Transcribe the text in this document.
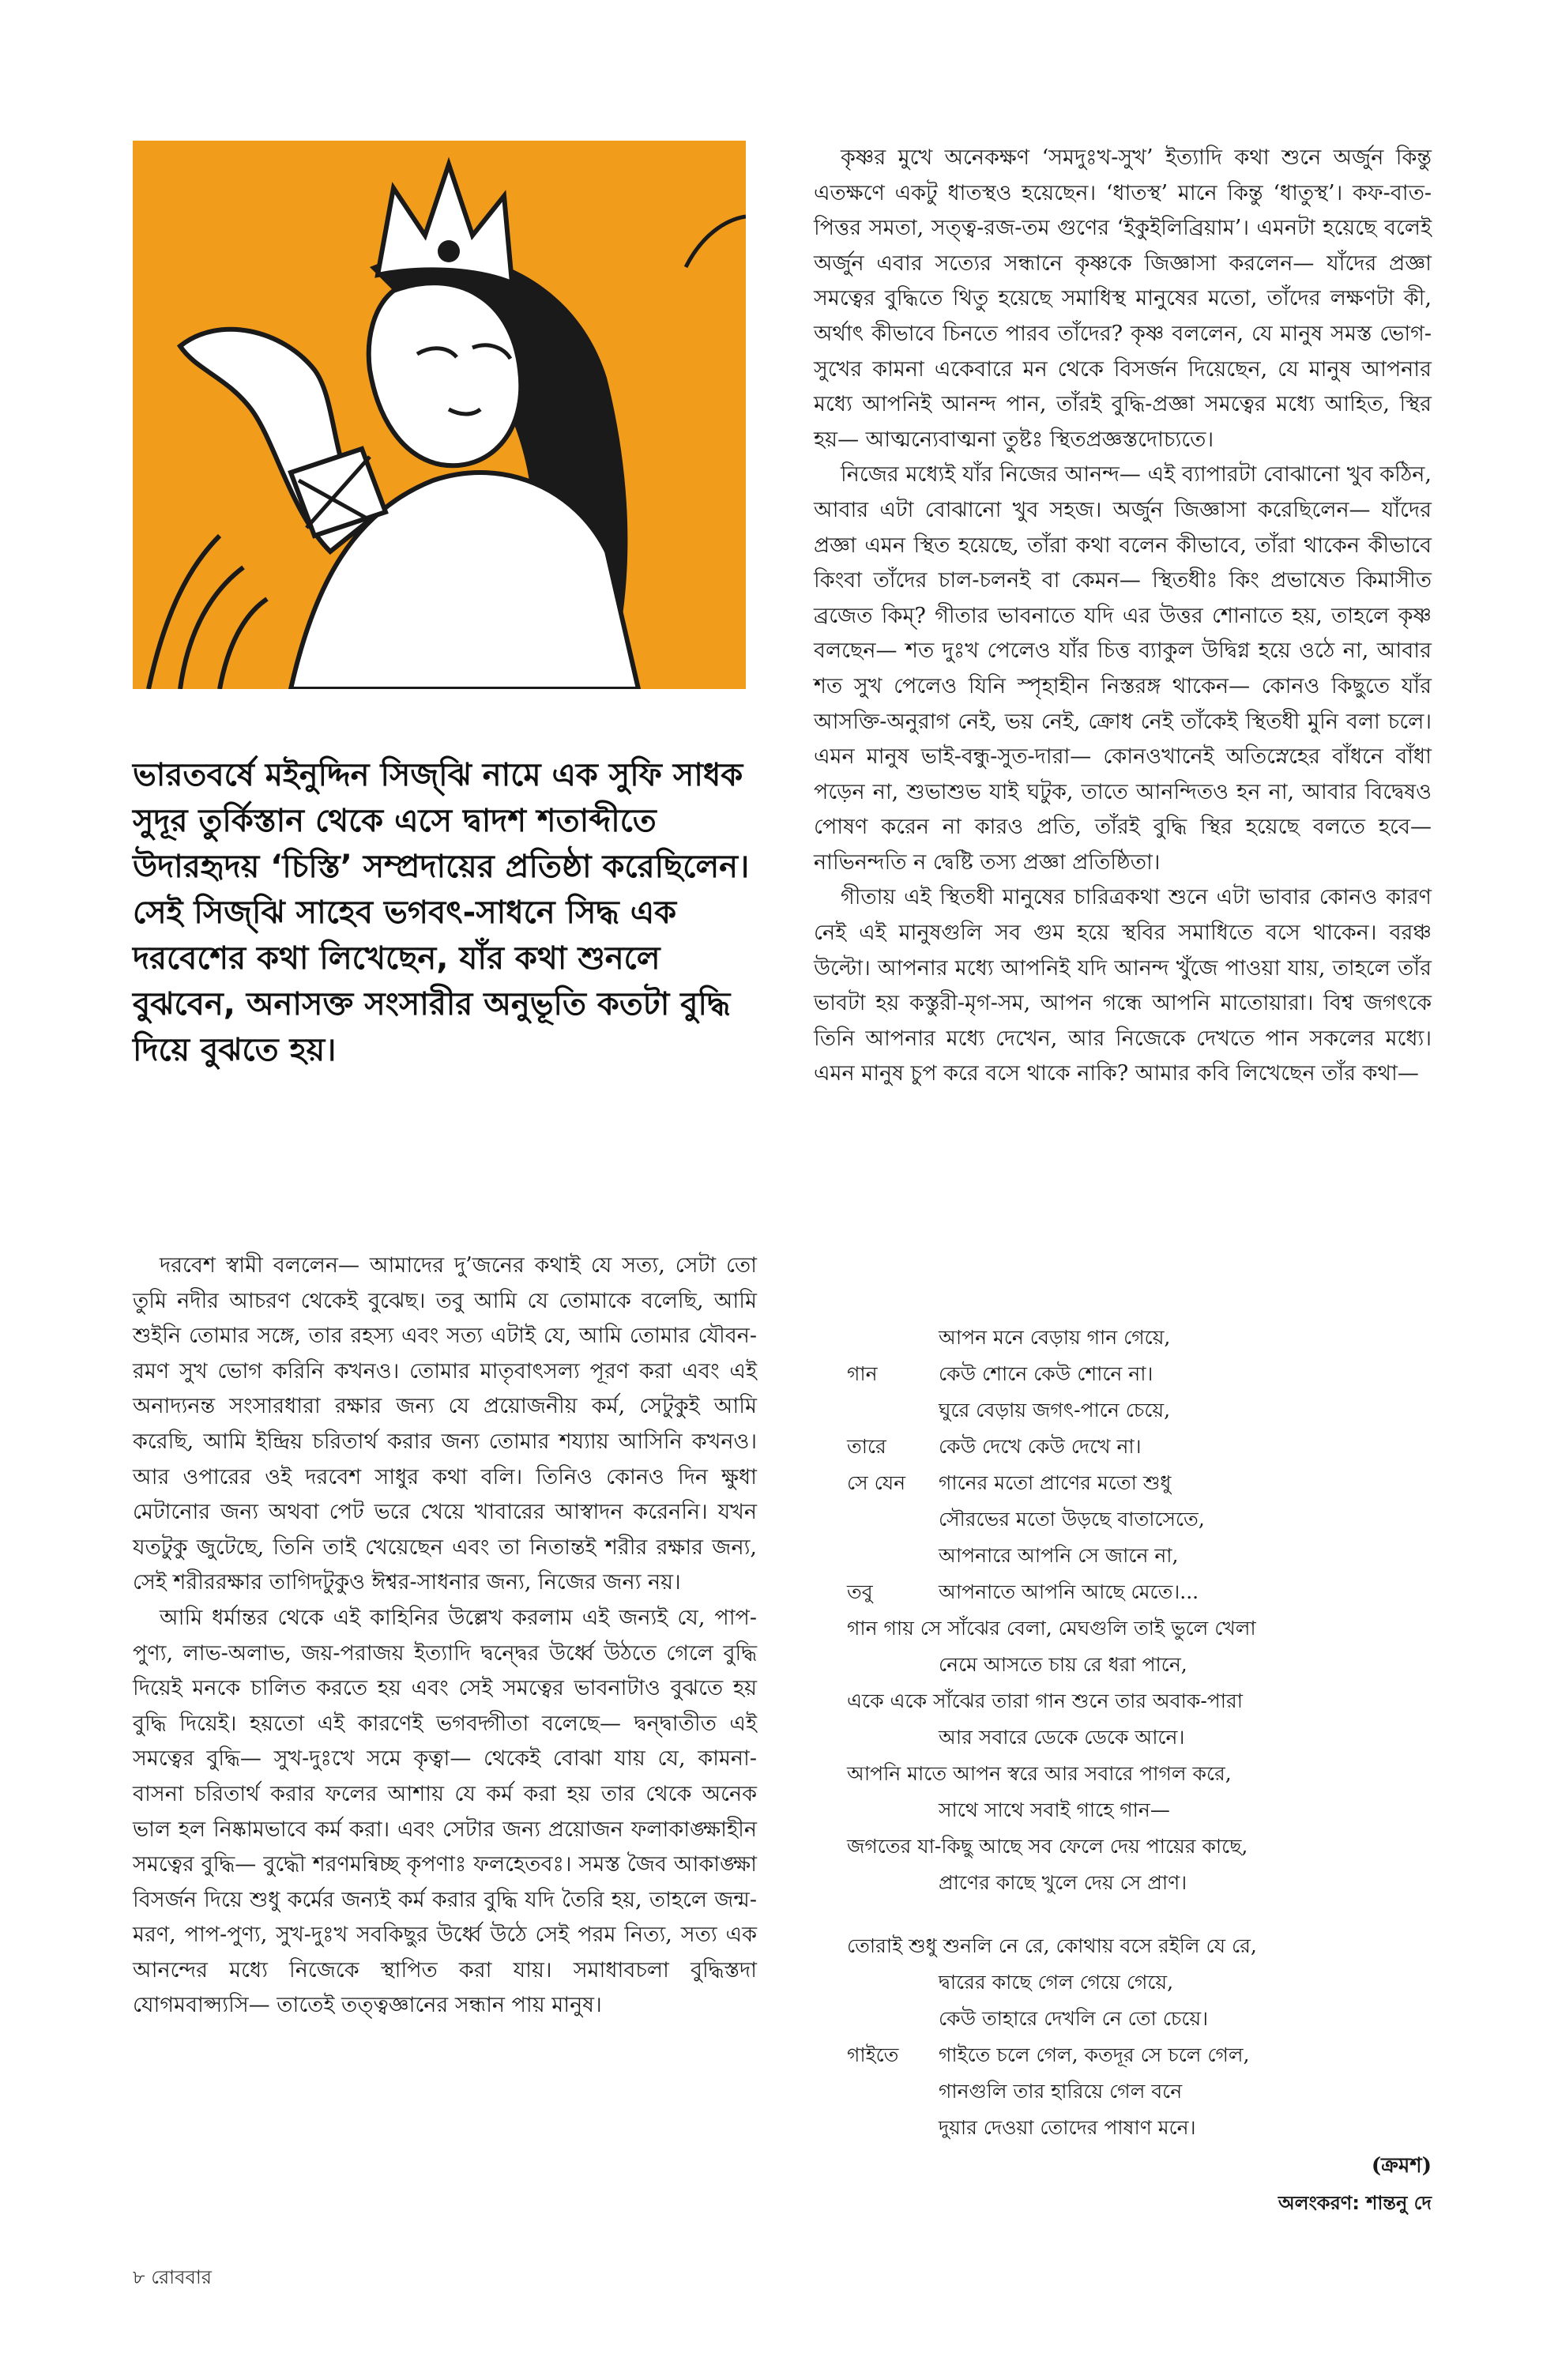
ভারতবর্ষে মইনুদ্দিন সিজ্‌ঝি নামে এক সুফি সাধক সুদূর তুর্কিস্তান থেকে এসে দ্বাদশ শতাব্দীতে উদারহৃদয় ‘চিস্তি’ সম্প্রদায়ের প্রতিষ্ঠা করেছিলেন। সেই সিজ্‌ঝি সাহেব ভগবৎ-সাধনে সিদ্ধ এক দরবেশের কথা লিখেছেন, যাঁর কথা শুনলে বুঝবেন, অনাসক্ত সংসারীর অনুভূতি কতটা বুদ্ধি দিয়ে বুঝতে হয়।

দরবেশ স্বামী বললেন— আমাদের দু’জনের কথাই যে সত্য, সেটা তো তুমি নদীর আচরণ থেকেই বুঝেছ। তবু আমি যে তোমাকে বলেছি, আমি শুইনি তোমার সঙ্গে, তার রহস্য এবং সত্য এটাই যে, আমি তোমার যৌবন-রমণ সুখ ভোগ করিনি কখনও। তোমার মাতৃবাৎসল্য পূরণ করা এবং এই অনাদ্যনন্ত সংসারধারা রক্ষার জন্য যে প্রয়োজনীয় কর্ম, সেটুকুই আমি করেছি, আমি ইন্দ্রিয় চরিতার্থ করার জন্য তোমার শয্যায় আসিনি কখনও। আর ওপারের ওই দরবেশ সাধুর কথা বলি। তিনিও কোনও দিন ক্ষুধা মেটানোর জন্য অথবা পেট ভরে খেয়ে খাবারের আস্বাদন করেননি। যখন যতটুকু জুটেছে, তিনি তাই খেয়েছেন এবং তা নিতান্তই শরীর রক্ষার জন্য, সেই শরীররক্ষার তাগিদটুকুও ঈশ্বর-সাধনার জন্য, নিজের জন্য নয়।

আমি ধর্মান্তর থেকে এই কাহিনির উল্লেখ করলাম এই জন্যই যে, পাপ-পুণ্য, লাভ-অলাভ, জয়-পরাজয় ইত্যাদি দ্বন্দ্বের উর্ধ্বে উঠতে গেলে বুদ্ধি দিয়েই মনকে চালিত করতে হয় এবং সেই সমত্বের ভাবনাটাও বুঝতে হয় বুদ্ধি দিয়েই। হয়তো এই কারণেই ভগবদ্গীতা বলেছে— দ্বন্দ্বাতীত এই সমত্বের বুদ্ধি— সুখ-দুঃখে সমে কৃত্বা— থেকেই বোঝা যায় যে, কামনা-বাসনা চরিতার্থ করার ফলের আশায় যে কর্ম করা হয় তার থেকে অনেক ভাল হল নিষ্কামভাবে কর্ম করা। এবং সেটার জন্য প্রয়োজন ফলাকাঙ্ক্ষাহীন সমত্বের বুদ্ধি— বুদ্ধৌ শরণমন্বিচ্ছ কৃপণাঃ ফলহেতবঃ। সমস্ত জৈব আকাঙ্ক্ষা বিসর্জন দিয়ে শুধু কর্মের জন্যই কর্ম করার বুদ্ধি যদি তৈরি হয়, তাহলে জন্ম-মরণ, পাপ-পুণ্য, সুখ-দুঃখ সবকিছুর উর্ধ্বে উঠে সেই পরম নিত্য, সত্য এক আনন্দের মধ্যে নিজেকে স্থাপিত করা যায়। সমাধাবচলা বুদ্ধিস্তদা যোগমবাপ্স্যসি— তাতেই তত্ত্বজ্ঞানের সন্ধান পায় মানুষ।

কৃষ্ণর মুখে অনেকক্ষণ ‘সমদুঃখ-সুখ’ ইত্যাদি কথা শুনে অর্জুন কিন্তু এতক্ষণে একটু ধাতস্থও হয়েছেন। ‘ধাতস্থ’ মানে কিন্তু ‘ধাতুস্থ’। কফ-বাত-পিত্তর সমতা, সত্ত্ব-রজ-তম গুণের ‘ইকুইলিব্রিয়াম’। এমনটা হয়েছে বলেই অর্জুন এবার সত্যের সন্ধানে কৃষ্ণকে জিজ্ঞাসা করলেন— যাঁদের প্রজ্ঞা সমত্বের বুদ্ধিতে থিতু হয়েছে সমাধিস্থ মানুষের মতো, তাঁদের লক্ষণটা কী, অর্থাৎ কীভাবে চিনতে পারব তাঁদের? কৃষ্ণ বললেন, যে মানুষ সমস্ত ভোগ-সুখের কামনা একেবারে মন থেকে বিসর্জন দিয়েছেন, যে মানুষ আপনার মধ্যে আপনিই আনন্দ পান, তাঁরই বুদ্ধি-প্রজ্ঞা সমত্বের মধ্যে আহিত, স্থির হয়— আত্মন্যেবাত্মনা তুষ্টঃ স্থিতপ্রজ্ঞস্তদোচ্যতে।

নিজের মধ্যেই যাঁর নিজের আনন্দ— এই ব্যাপারটা বোঝানো খুব কঠিন, আবার এটা বোঝানো খুব সহজ। অর্জুন জিজ্ঞাসা করেছিলেন— যাঁদের প্রজ্ঞা এমন স্থিত হয়েছে, তাঁরা কথা বলেন কীভাবে, তাঁরা থাকেন কীভাবে কিংবা তাঁদের চাল-চলনই বা কেমন— স্থিতধীঃ কিং প্রভাষেত কিমাসীত ব্রজেত কিম্? গীতার ভাবনাতে যদি এর উত্তর শোনাতে হয়, তাহলে কৃষ্ণ বলছেন— শত দুঃখ পেলেও যাঁর চিত্ত ব্যাকুল উদ্বিগ্ন হয়ে ওঠে না, আবার শত সুখ পেলেও যিনি স্পৃহাহীন নিস্তরঙ্গ থাকেন— কোনও কিছুতে যাঁর আসক্তি-অনুরাগ নেই, ভয় নেই, ক্রোধ নেই তাঁকেই স্থিতধী মুনি বলা চলে। এমন মানুষ ভাই-বন্ধু-সুত-দারা— কোনওখানেই অতিস্নেহের বাঁধনে বাঁধা পড়েন না, শুভাশুভ যাই ঘটুক, তাতে আনন্দিতও হন না, আবার বিদ্বেষও পোষণ করেন না কারও প্রতি, তাঁরই বুদ্ধি স্থির হয়েছে বলতে হবে— নাভিনন্দতি ন দ্বেষ্টি তস্য প্রজ্ঞা প্রতিষ্ঠিতা।

গীতায় এই স্থিতধী মানুষের চারিত্রকথা শুনে এটা ভাবার কোনও কারণ নেই এই মানুষগুলি সব গুম হয়ে স্থবির সমাধিতে বসে থাকেন। বরঞ্চ উল্টো। আপনার মধ্যে আপনিই যদি আনন্দ খুঁজে পাওয়া যায়, তাহলে তাঁর ভাবটা হয় কস্তুরী-মৃগ-সম, আপন গন্ধে আপনি মাতোয়ারা। বিশ্ব জগৎকে তিনি আপনার মধ্যে দেখেন, আর নিজেকে দেখতে পান সকলের মধ্যে। এমন মানুষ চুপ করে বসে থাকে নাকি? আমার কবি লিখেছেন তাঁর কথা—

আপন মনে বেড়ায় গান গেয়ে,
গান	কেউ শোনে কেউ শোনে না।
ঘুরে বেড়ায় জগৎ-পানে চেয়ে,
তারে	কেউ দেখে কেউ দেখে না।
সে যেন	গানের মতো প্রাণের মতো শুধু
সৌরভের মতো উড়ছে বাতাসেতে,
আপনারে আপনি সে জানে না,
তবু	আপনাতে আপনি আছে মেতে।...
গান গায় সে সাঁঝের বেলা, মেঘগুলি তাই ভুলে খেলা
নেমে আসতে চায় রে ধরা পানে,
একে একে সাঁঝের তারা গান শুনে তার অবাক-পারা
আর সবারে ডেকে ডেকে আনে।
আপনি মাতে আপন স্বরে আর সবারে পাগল করে,
সাথে সাথে সবাই গাহে গান—
জগতের যা-কিছু আছে সব ফেলে দেয় পায়ের কাছে,
প্রাণের কাছে খুলে দেয় সে প্রাণ।
তোরাই শুধু শুনলি নে রে, কোথায় বসে রইলি যে রে,
দ্বারের কাছে গেল গেয়ে গেয়ে,
কেউ তাহারে দেখলি নে তো চেয়ে।
গাইতে	গাইতে চলে গেল, কতদূর সে চলে গেল,
গানগুলি তার হারিয়ে গেল বনে
দুয়ার দেওয়া তোদের পাষাণ মনে।
(ক্রমশ)
অলংকরণ: শান্তনু দে
৮ রোববার
